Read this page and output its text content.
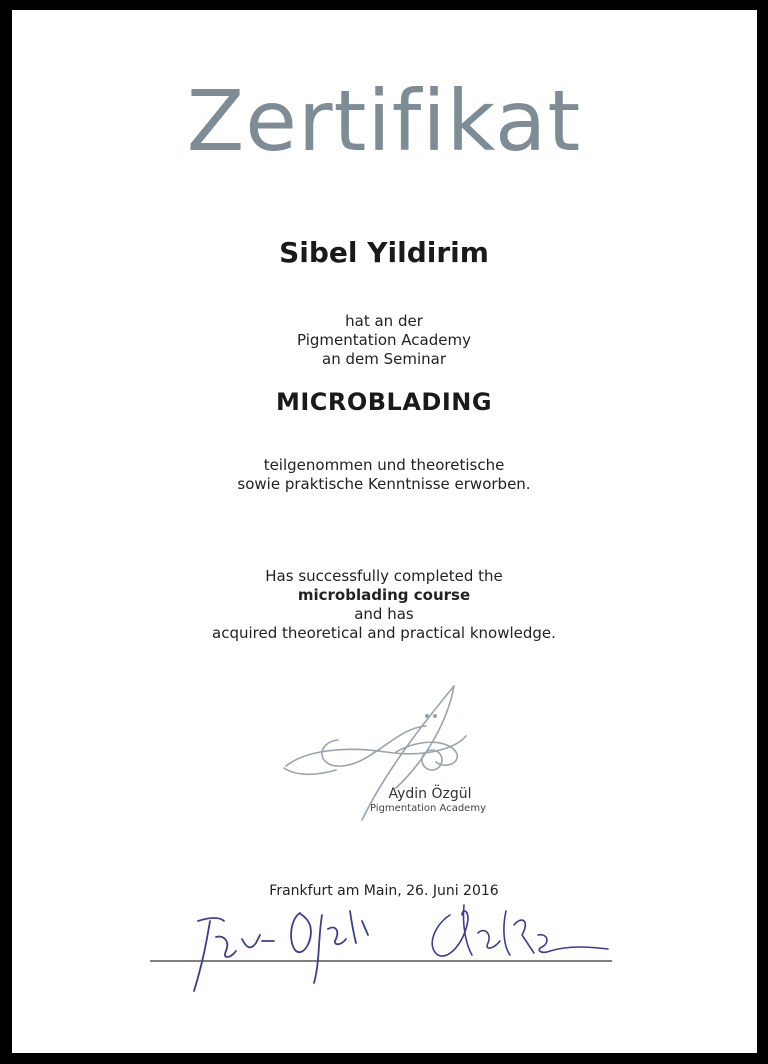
Zertifikat
Sibel Yildirim
hat an der
Pigmentation Academy
an dem Seminar
MICROBLADING
teilgenommen und theoretische
sowie praktische Kenntnisse erworben.
Has successfully completed the
microblading course
and has
acquired theoretical and practical knowledge.
Aydin Özgül
Pigmentation Academy
Frankfurt am Main, 26. Juni 2016
